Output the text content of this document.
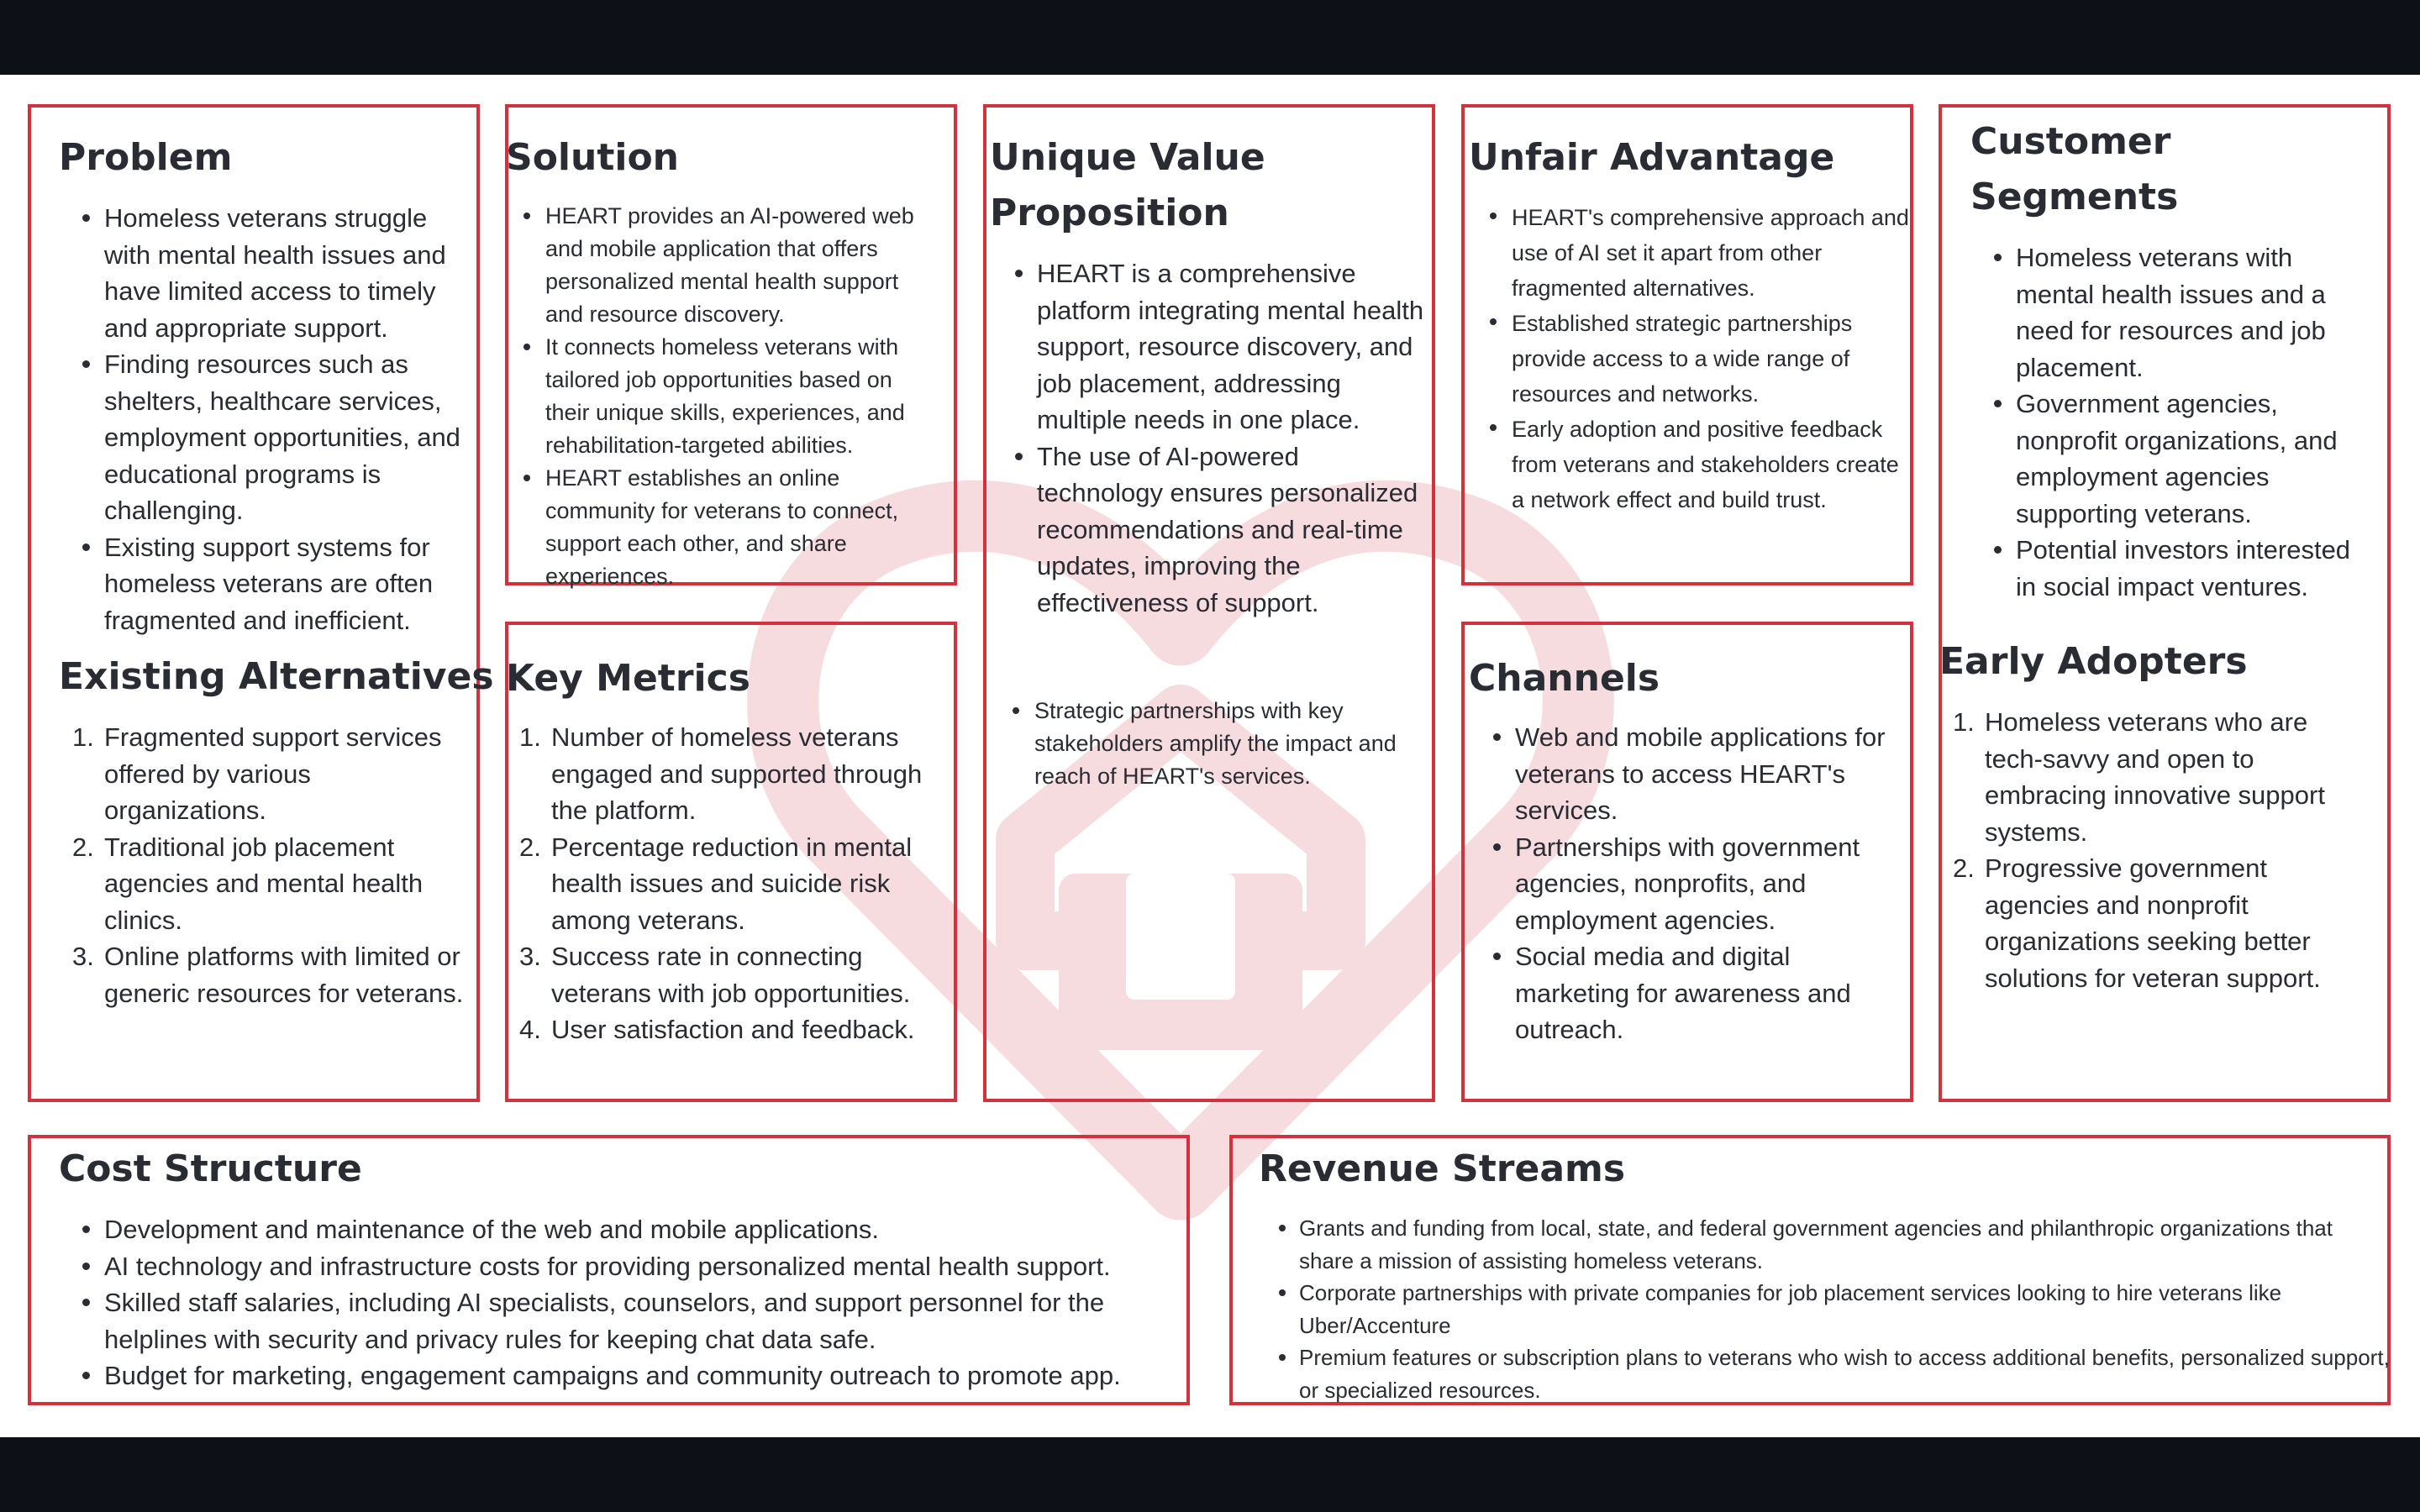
Problem
Homeless veterans struggle with mental health issues and have limited access to timely and appropriate support.
Finding resources such as shelters, healthcare services, employment opportunities, and educational programs is challenging.
Existing support systems for homeless veterans are often fragmented and inefficient.
Existing Alternatives
Fragmented support services offered by various organizations.
Traditional job placement agencies and mental health clinics.
Online platforms with limited or generic resources for veterans.
Solution
HEART provides an AI-powered web and mobile application that offers personalized mental health support and resource discovery.
It connects homeless veterans with tailored job opportunities based on their unique skills, experiences, and rehabilitation-targeted abilities.
HEART establishes an online community for veterans to connect, support each other, and share experiences.
Key Metrics
Number of homeless veterans engaged and supported through the platform.
Percentage reduction in mental health issues and suicide risk among veterans.
Success rate in connecting veterans with job opportunities.
User satisfaction and feedback.
Unique Value
Proposition
HEART is a comprehensive platform integrating mental health support, resource discovery, and job placement, addressing multiple needs in one place.
The use of AI-powered technology ensures personalized recommendations and real-time updates, improving the effectiveness of support.
Strategic partnerships with key stakeholders amplify the impact and reach of HEART's services.
Unfair Advantage
HEART's comprehensive approach and use of AI set it apart from other fragmented alternatives.
Established strategic partnerships provide access to a wide range of resources and networks.
Early adoption and positive feedback from veterans and stakeholders create a network effect and build trust.
Channels
Web and mobile applications for veterans to access HEART's services.
Partnerships with government agencies, nonprofits, and employment agencies.
Social media and digital marketing for awareness and outreach.
Customer
Segments
Homeless veterans with mental health issues and a need for resources and job placement.
Government agencies, nonprofit organizations, and employment agencies supporting veterans.
Potential investors interested in social impact ventures.
Early Adopters
Homeless veterans who are tech-savvy and open to embracing innovative support systems.
Progressive government agencies and nonprofit organizations seeking better solutions for veteran support.
Cost Structure
Development and maintenance of the web and mobile applications.
AI technology and infrastructure costs for providing personalized mental health support.
Skilled staff salaries, including AI specialists, counselors, and support personnel for the helplines with security and privacy rules for keeping chat data safe.
Budget for marketing, engagement campaigns and community outreach to promote app.
Revenue Streams
Grants and funding from local, state, and federal government agencies and philanthropic organizations that share a mission of assisting homeless veterans.
Corporate partnerships with private companies for job placement services looking to hire veterans like Uber/Accenture
Premium features or subscription plans to veterans who wish to access additional benefits, personalized support, or specialized resources.
